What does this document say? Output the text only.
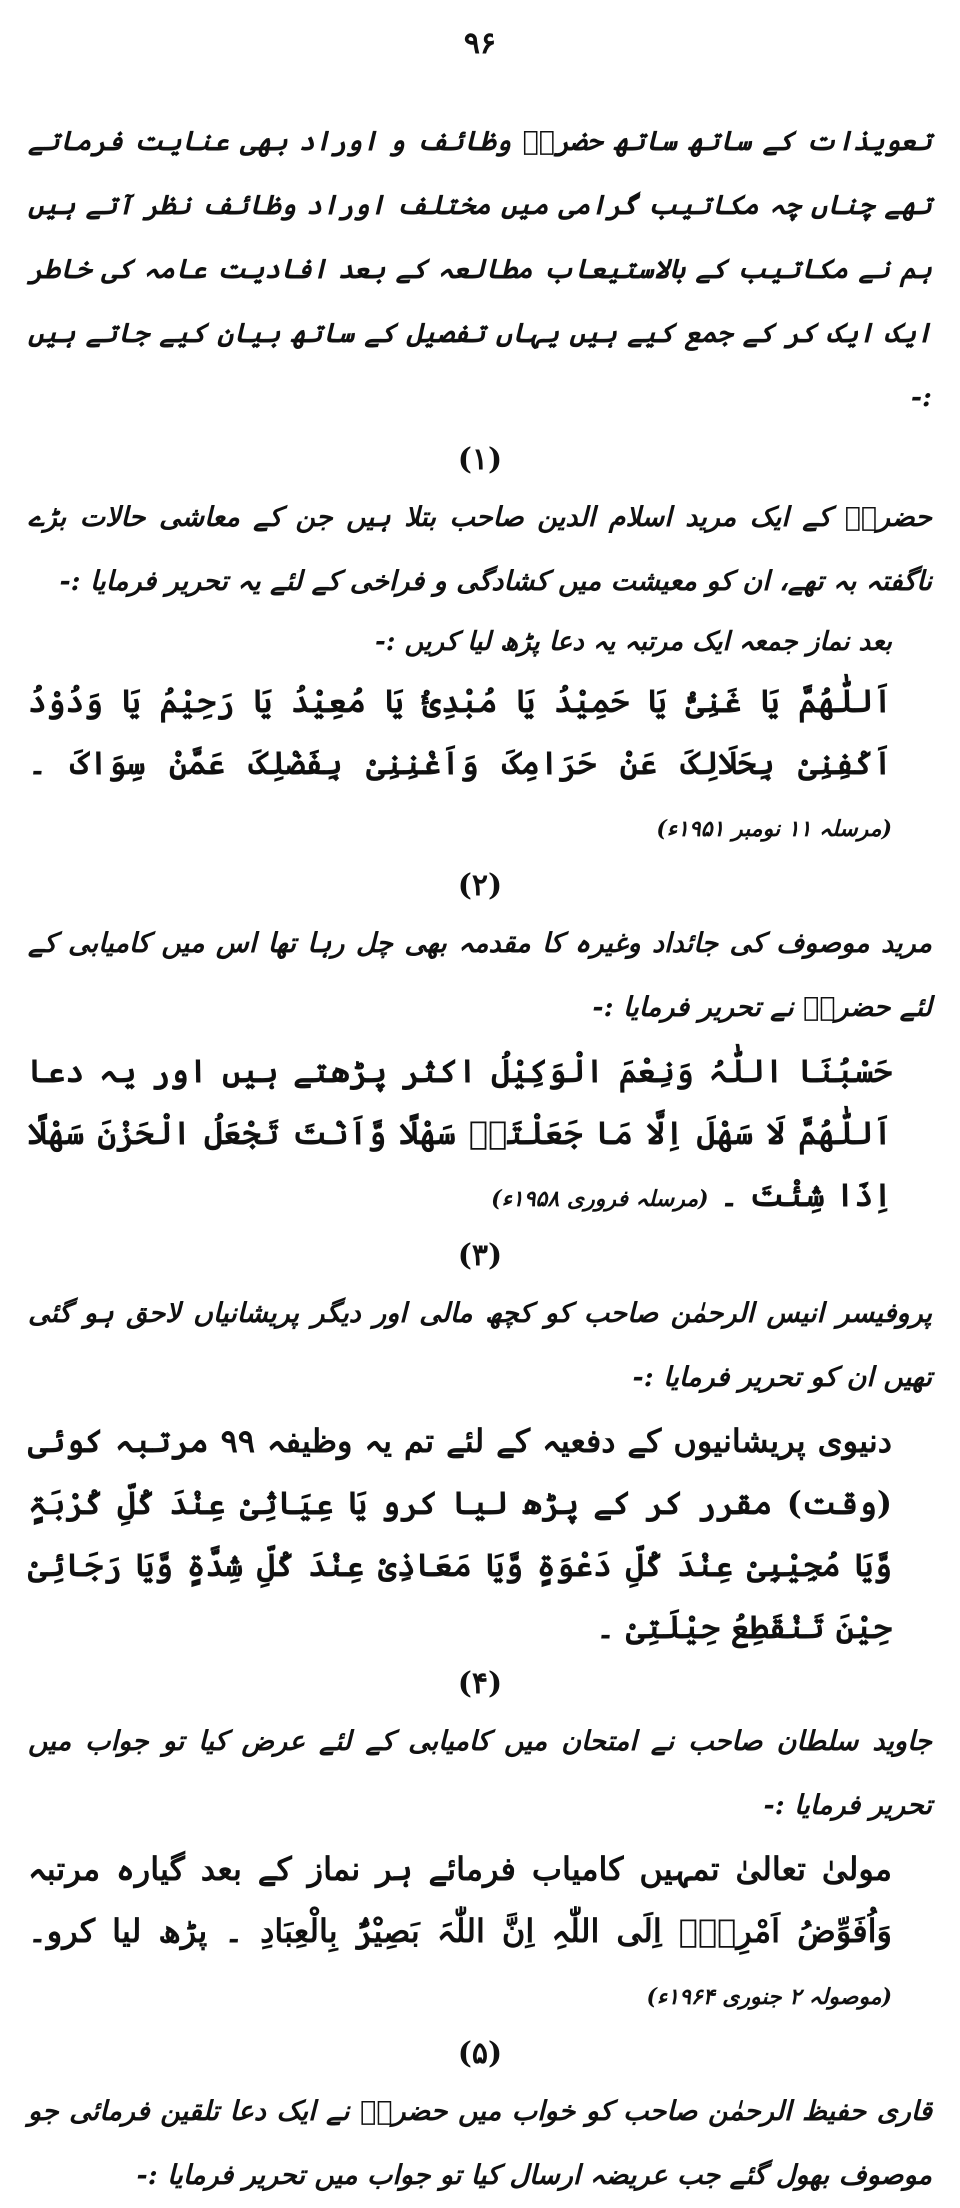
۹۶

تعویذات کے ساتھ ساتھ حضرتؒ وظائف و اوراد بھی عنایت فرماتے تھے چناں چہ مکاتیب گرامی میں مختلف اوراد وظائف نظر آتے ہیں ہم نے مکاتیب کے بالاستیعاب مطالعہ کے بعد افادیت عامہ کی خاطر ایک ایک کر کے جمع کیے ہیں یہاں تفصیل کے ساتھ بیان کیے جاتے ہیں :-

(۱)

حضرتؒ کے ایک مرید اسلام الدین صاحب بتلا ہیں جن کے معاشی حالات بڑے ناگفتہ بہ تھے، ان کو معیشت میں کشادگی و فراخی کے لئے یہ تحریر فرمایا :-

بعد نماز جمعہ ایک مرتبہ یہ دعا پڑھ لیا کریں :-

اَللّٰھُمَّ یَا غَنِیُّ یَا حَمِیْدُ یَا مُبْدِئُ یَا مُعِیْدُ یَا رَحِیْمُ یَا وَدُوْدُ اَکْفِنِیْ بِحَلَالِکَ عَنْ حَرَامِکَ وَاَغْنِنِیْ بِفَضْلِکَ عَمَّنْ سِوَاکَ ۔ (مرسلہ ۱۱ نومبر ۱۹۵۱ء)

(۲)

مرید موصوف کی جائداد وغیرہ کا مقدمہ بھی چل رہا تھا اس میں کامیابی کے لئے حضرتؒ نے تحریر فرمایا :-

حَسْبُنَا اللّٰہُ وَنِعْمَ الْوَکِیْلُ اکثر پڑھتے ہیں اور یہ دعا اَللّٰھُمَّ لَا سَھْلَ اِلَّا مَا جَعَلْتَہٗ سَھْلًا وَّاَنْتَ تَجْعَلُ الْحَزْنَ سَھْلًا اِذَا شِئْتَ ۔ (مرسلہ فروری ۱۹۵۸ء)

(۳)

پروفیسر انیس الرحمٰن صاحب کو کچھ مالی اور دیگر پریشانیاں لاحق ہو گئی تھیں ان کو تحریر فرمایا :-

دنیوی پریشانیوں کے دفعیہ کے لئے تم یہ وظیفہ ۹۹ مرتبہ کوئی (وقت) مقرر کر کے پڑھ لیا کرو یَا عِیَاثِیْ عِنْدَ کُلِّ کُرْبَۃٍ وَّیَا مُجِیْبِیْ عِنْدَ کُلِّ دَعْوَۃٍ وَّیَا مَعَاذِیْ عِنْدَ کُلِّ شِدَّۃٍ وَّیَا رَجَائِیْ حِیْنَ تَنْقَطِعُ حِیْلَتِیْ ۔

(۴)

جاوید سلطان صاحب نے امتحان میں کامیابی کے لئے عرض کیا تو جواب میں تحریر فرمایا :-

مولیٰ تعالیٰ تمہیں کامیاب فرمائے ہر نماز کے بعد گیارہ مرتبہ وَاُفَوِّضُ اَمْرِیْۤ اِلَی اللّٰہِ اِنَّ اللّٰہَ بَصِیْرٌۢ بِالْعِبَادِ ۔ پڑھ لیا کرو۔ (موصولہ ۲ جنوری ۱۹۶۴ء)

(۵)

قاری حفیظ الرحمٰن صاحب کو خواب میں حضرتؒ نے ایک دعا تلقین فرمائی جو موصوف بھول گئے جب عریضہ ارسال کیا تو جواب میں تحریر فرمایا :-
